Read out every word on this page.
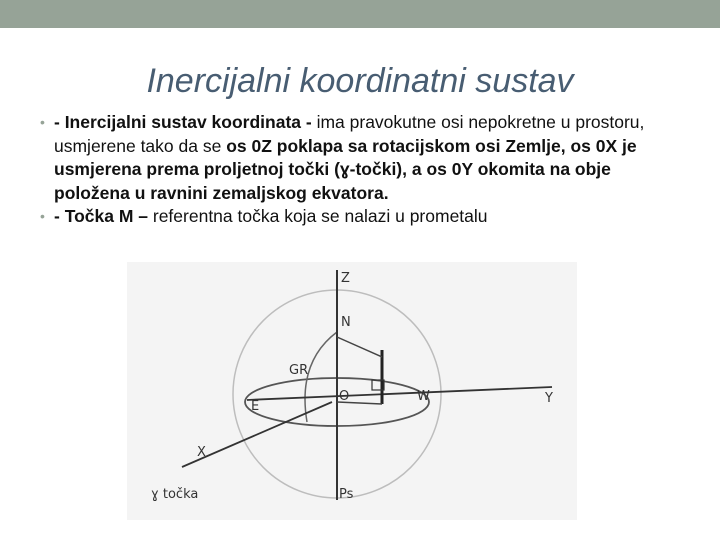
Inercijalni koordinatni sustav
• - Inercijalni sustav koordinata - ima pravokutne osi nepokretne u prostoru, usmjerene tako da se os 0Z poklapa sa rotacijskom osi Zemlje, os 0X je usmjerena prema proljetnoj točki (ɣ-točki), a os 0Y okomita na obje položena u ravnini zemaljskog ekvatora.
• - Točka M – referentna točka koja se nalazi u prometalu
Z
N
GR
O
E
Y
X
W
Ps
ɣ točka
